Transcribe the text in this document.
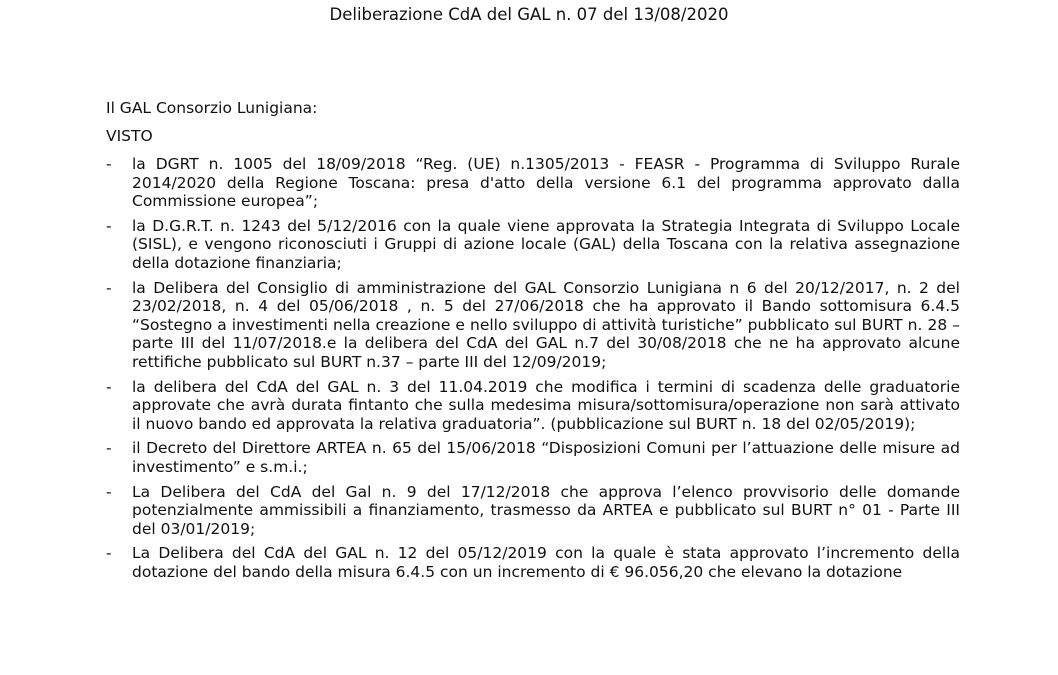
Deliberazione CdA del GAL n. 07 del 13/08/2020
Il GAL Consorzio Lunigiana:
VISTO
- la DGRT n. 1005 del 18/09/2018 “Reg. (UE) n.1305/2013 - FEASR - Programma di Sviluppo Rurale 2014/2020 della Regione Toscana: presa d'atto della versione 6.1 del programma approvato dalla Commissione europea”;
- la D.G.R.T. n. 1243 del 5/12/2016 con la quale viene approvata la Strategia Integrata di Sviluppo Locale (SISL), e vengono riconosciuti i Gruppi di azione locale (GAL) della Toscana con la relativa assegnazione della dotazione finanziaria;
- la Delibera del Consiglio di amministrazione del GAL Consorzio Lunigiana n 6 del 20/12/2017, n. 2 del 23/02/2018, n. 4 del 05/06/2018 , n. 5 del 27/06/2018 che ha approvato il Bando sottomisura 6.4.5 “Sostegno a investimenti nella creazione e nello sviluppo di attività turistiche” pubblicato sul BURT n. 28 – parte III del 11/07/2018.e la delibera del CdA del GAL n.7 del 30/08/2018 che ne ha approvato alcune rettifiche pubblicato sul BURT n.37 – parte III del 12/09/2019;
- la delibera del CdA del GAL n. 3 del 11.04.2019 che modifica i termini di scadenza delle graduatorie approvate che avrà durata fintanto che sulla medesima misura/sottomisura/operazione non sarà attivato il nuovo bando ed approvata la relativa graduatoria”. (pubblicazione sul BURT n. 18 del 02/05/2019);
- il Decreto del Direttore ARTEA n. 65 del 15/06/2018 “Disposizioni Comuni per l’attuazione delle misure ad investimento” e s.m.i.;
- La Delibera del CdA del Gal n. 9 del 17/12/2018 che approva l’elenco provvisorio delle domande potenzialmente ammissibili a finanziamento, trasmesso da ARTEA e pubblicato sul BURT n° 01 - Parte III del 03/01/2019;
- La Delibera del CdA del GAL n. 12 del 05/12/2019 con la quale è stata approvato l’incremento della dotazione del bando della misura 6.4.5 con un incremento di € 96.056,20 che elevano la dotazione
